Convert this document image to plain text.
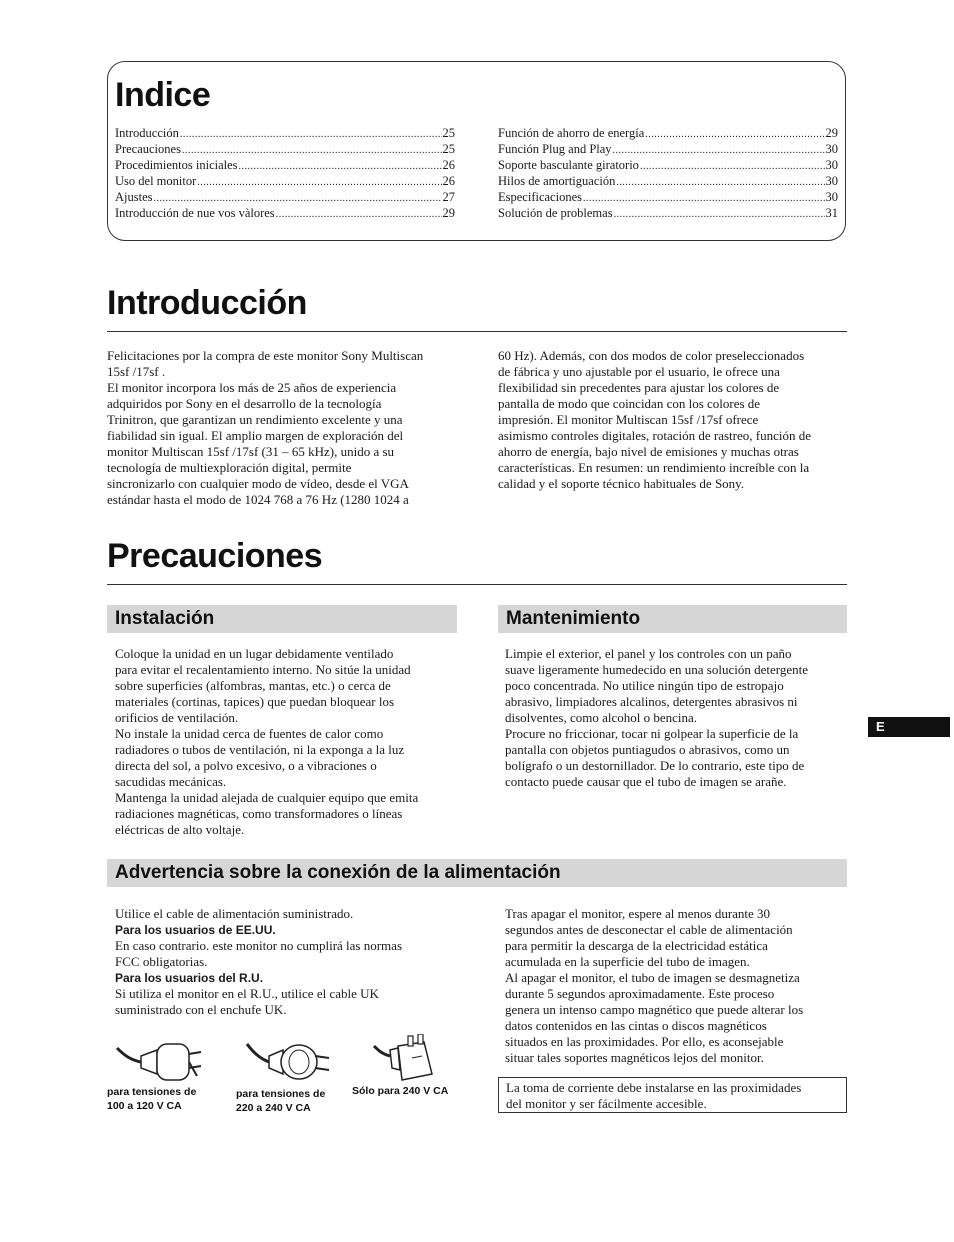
Indice
Introducción .....	25
Precauciones .....	25
Procedimientos iniciales .....	26
Uso del monitor .....	26
Ajustes .....	27
Introducción de nue vos vàlores .....	29
Función de ahorro de energía .....	29
Función Plug and Play .....	30
Soporte basculante giratorio .....	30
Hilos de amortiguación .....	30
Especificaciones .....	30
Solución de problemas .....	31
Introducción

Felicitaciones por la compra de este monitor Sony Multiscan

15sf /17sf .

El monitor incorpora los más de 25 años de experiencia

adquiridos por Sony en el desarrollo de la tecnología

Trinitron, que garantizan un rendimiento excelente y una

fiabilidad sin igual. El amplio margen de exploración del

monitor Multiscan 15sf /17sf (31 – 65 kHz), unido a su

tecnología de multiexploración digital, permite

sincronizarlo con cualquier modo de vídeo, desde el VGA

estándar hasta el modo de 1024 768 a 76 Hz (1280 1024 a

60 Hz). Además, con dos modos de color preseleccionados

de fábrica y uno ajustable por el usuario, le ofrece una

flexibilidad sin precedentes para ajustar los colores de

pantalla de modo que coincidan con los colores de

impresión. El monitor Multiscan 15sf /17sf ofrece

asimismo controles digitales, rotación de rastreo, función de

ahorro de energía, bajo nivel de emisiones y muchas otras

características. En resumen: un rendimiento increíble con la

calidad y el soporte técnico habituales de Sony.

Precauciones
Instalación	Mantenimiento

Coloque la unidad en un lugar debidamente ventilado

para evitar el recalentamiento interno. No sitúe la unidad

sobre superficies (alfombras, mantas, etc.) o cerca de

materiales (cortinas, tapices) que puedan bloquear los

orificios de ventilación.

No instale la unidad cerca de fuentes de calor como

radiadores o tubos de ventilación, ni la exponga a la luz

directa del sol, a polvo excesivo, o a vibraciones o

sacudidas mecánicas.

Mantenga la unidad alejada de cualquier equipo que emita

radiaciones magnéticas, como transformadores o líneas

eléctricas de alto voltaje.

Limpie el exterior, el panel y los controles con un paño

suave ligeramente humedecido en una solución detergente

poco concentrada. No utilice ningún tipo de estropajo

abrasivo, limpiadores alcalinos, detergentes abrasivos ni

disolventes, como alcohol o bencina.

Procure no friccionar, tocar ni golpear la superficie de la

pantalla con objetos puntiagudos o abrasivos, como un

bolígrafo o un destornillador. De lo contrario, este tipo de

contacto puede causar que el tubo de imagen se arañe.

E
Advertencia sobre la conexión de la alimentación

Utilice el cable de alimentación suministrado.

Para los usuarios de EE.UU.

En caso contrario. este monitor no cumplirá las normas

FCC obligatorias.

Para los usuarios del R.U.

Si utiliza el monitor en el R.U., utilice el cable UK

suministrado con el enchufe UK.

Tras apagar el monitor, espere al menos durante 30

segundos antes de desconectar el cable de alimentación

para permitir la descarga de la electricidad estática

acumulada en la superficie del tubo de imagen.

Al apagar el monitor, el tubo de imagen se desmagnetiza

durante 5 segundos aproximadamente. Este proceso

genera un intenso campo magnético que puede alterar los

datos contenidos en las cintas o discos magnéticos

situados en las proximidades. Por ello, es aconsejable

situar tales soportes magnéticos lejos del monitor.

La toma de corriente debe instalarse en las proximidades
del monitor y ser fácilmente accesible.
para tensiones de
100 a 120 V CA
para tensiones de
220 a 240 V CA
Sólo para 240 V CA
